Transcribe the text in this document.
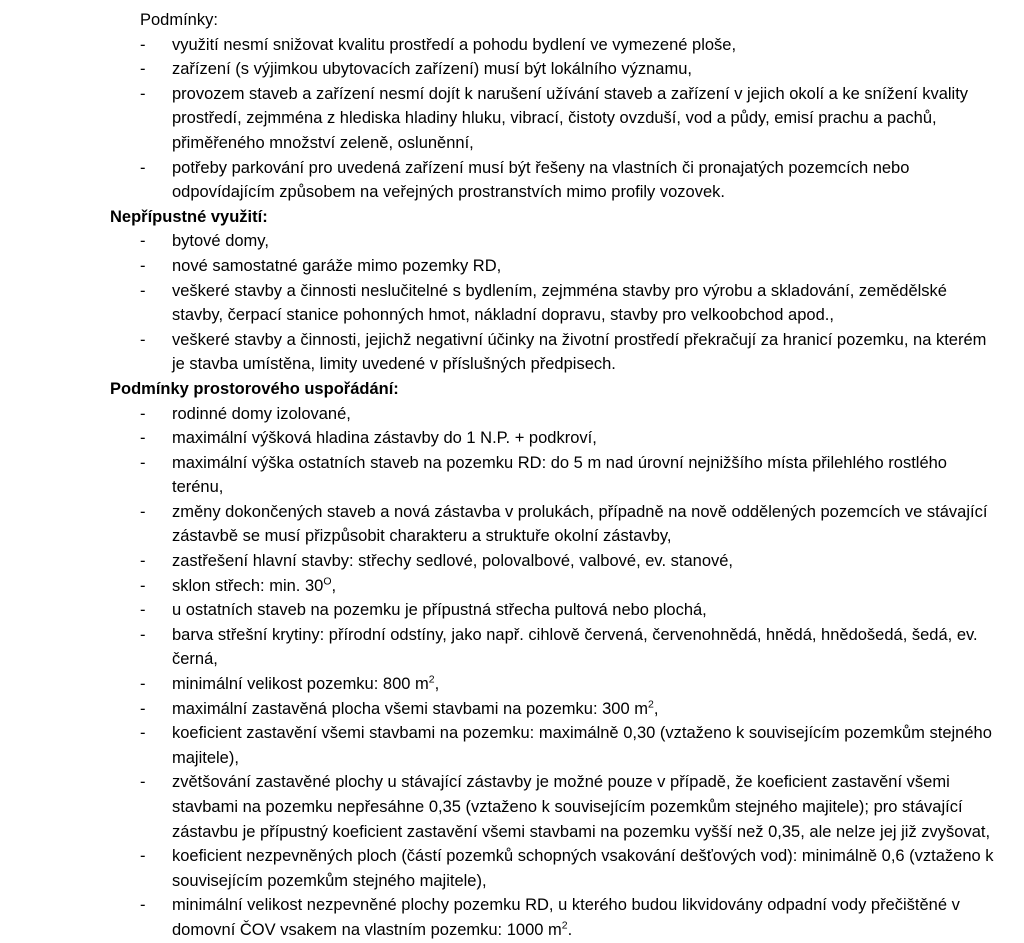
Podmínky:
- využití nesmí snižovat kvalitu prostředí a pohodu bydlení ve vymezené ploše,
- zařízení (s výjimkou ubytovacích zařízení) musí být lokálního významu,
- provozem staveb a zařízení nesmí dojít k narušení užívání staveb a zařízení v jejich okolí a ke snížení kvality prostředí, zejmména z hlediska hladiny hluku, vibrací, čistoty ovzduší, vod a půdy, emisí prachu a pachů, přiměřeného množství zeleně, osluněnní,
- potřeby parkování pro uvedená zařízení musí být řešeny na vlastních či pronajatých pozemcích nebo odpovídajícím způsobem na veřejných prostranstvích mimo profily vozovek.
Nepřípustné využití:
- bytové domy,
- nové samostatné garáže mimo pozemky RD,
- veškeré stavby a činnosti neslučitelné s bydlením, zejmména stavby pro výrobu a skladování, zemědělské stavby, čerpací stanice pohonných hmot, nákladní dopravu, stavby pro velkoobchod apod.,
- veškeré stavby a činnosti, jejichž negativní účinky na životní prostředí překračují za hranicí pozemku, na kterém je stavba umístěna, limity uvedené v příslušných předpisech.
Podmínky prostorového uspořádání:
- rodinné domy izolované,
- maximální výšková hladina zástavby do 1 N.P. + podkroví,
- maximální výška ostatních staveb na pozemku RD: do 5 m nad úrovní nejnižšího místa přilehlého rostlého terénu,
- změny dokončených staveb a nová zástavba v prolukách, případně na nově oddělených pozemcích ve stávající zástavbě se musí přizpůsobit charakteru a struktuře okolní zástavby,
- zastřešení hlavní stavby: střechy sedlové, polovalbové, valbové, ev. stanové,
- sklon střech: min. $30^O$,
- u ostatních staveb na pozemku je přípustná střecha pultová nebo plochá,
- barva střešní krytiny: přírodní odstíny, jako např. cihlově červená, červenohnědá, hnědá, hnědošedá, šedá, ev. černá,
- minimální velikost pozemku: 800 $m^2$,
- maximální zastavěná plocha všemi stavbami na pozemku: 300 $m^2$,
- koeficient zastavění všemi stavbami na pozemku: maximálně 0,30 (vztaženo k souvisejícím pozemkům stejného majitele),
- zvětšování zastavěné plochy u stávající zástavby je možné pouze v případě, že koeficient zastavění všemi stavbami na pozemku nepřesáhne 0,35 (vztaženo k souvisejícím pozemkům stejného majitele); pro stávající zástavbu je přípustný koeficient zastavění všemi stavbami na pozemku vyšší než 0,35, ale nelze jej již zvyšovat,
- koeficient nezpevněných ploch (částí pozemků schopných vsakování dešťových vod): minimálně 0,6 (vztaženo k souvisejícím pozemkům stejného majitele),
- minimální velikost nezpevněné plochy pozemku RD, u kterého budou likvidovány odpadní vody přečištěné v domovní ČOV vsakem na vlastním pozemku: 1000 $m^2$.
